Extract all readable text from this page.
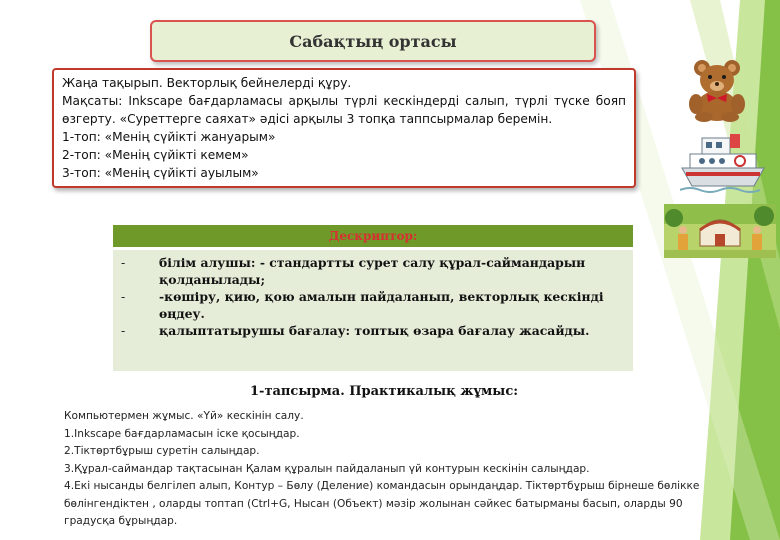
Сабақтың ортасы
Жаңа тақырып. Векторлық бейнелерді құру.
Мақсаты: Inkscape бағдарламасы арқылы түрлі кескіндерді салып, түрлі түске бояп өзгерту. «Суреттерге саяхат» әдісі арқылы 3 топқа таппсырмалар беремін.
1-топ: «Менің сүйікті жануарым»
2-топ: «Менің сүйікті кемем»
3-топ: «Менің сүйікті ауылым»
Дескриптор:
-	білім алушы: - стандартты сурет салу құрал-саймандарын қолданылады;
-	-көшіру, қию, қою амалын пайдаланып, векторлық кескінді өңдеу.
-	қалыптатырушы бағалау: топтық өзара бағалау жасайды.
1-тапсырма. Практикалық жұмыс:
Компьютермен жұмыс. «Үй» кескінін салу.
1.Inkscape бағдарламасын іске қосыңдар.
2.Тіктөртбұрыш суретін салыңдар.
3.Құрал-саймандар тақтасынан Қалам құралын пайдаланып үй контурын кескінін салыңдар.
4.Екі нысанды белгілеп алып, Контур – Бөлу (Деление) командасын орындаңдар. Тіктөртбұрыш бірнеше бөлікке бөлінгендіктен , оларды топтап (Ctrl+G, Нысан (Объект) мәзір жолынан сәйкес батырманы басып, оларды 90 градусқа бұрыңдар.
